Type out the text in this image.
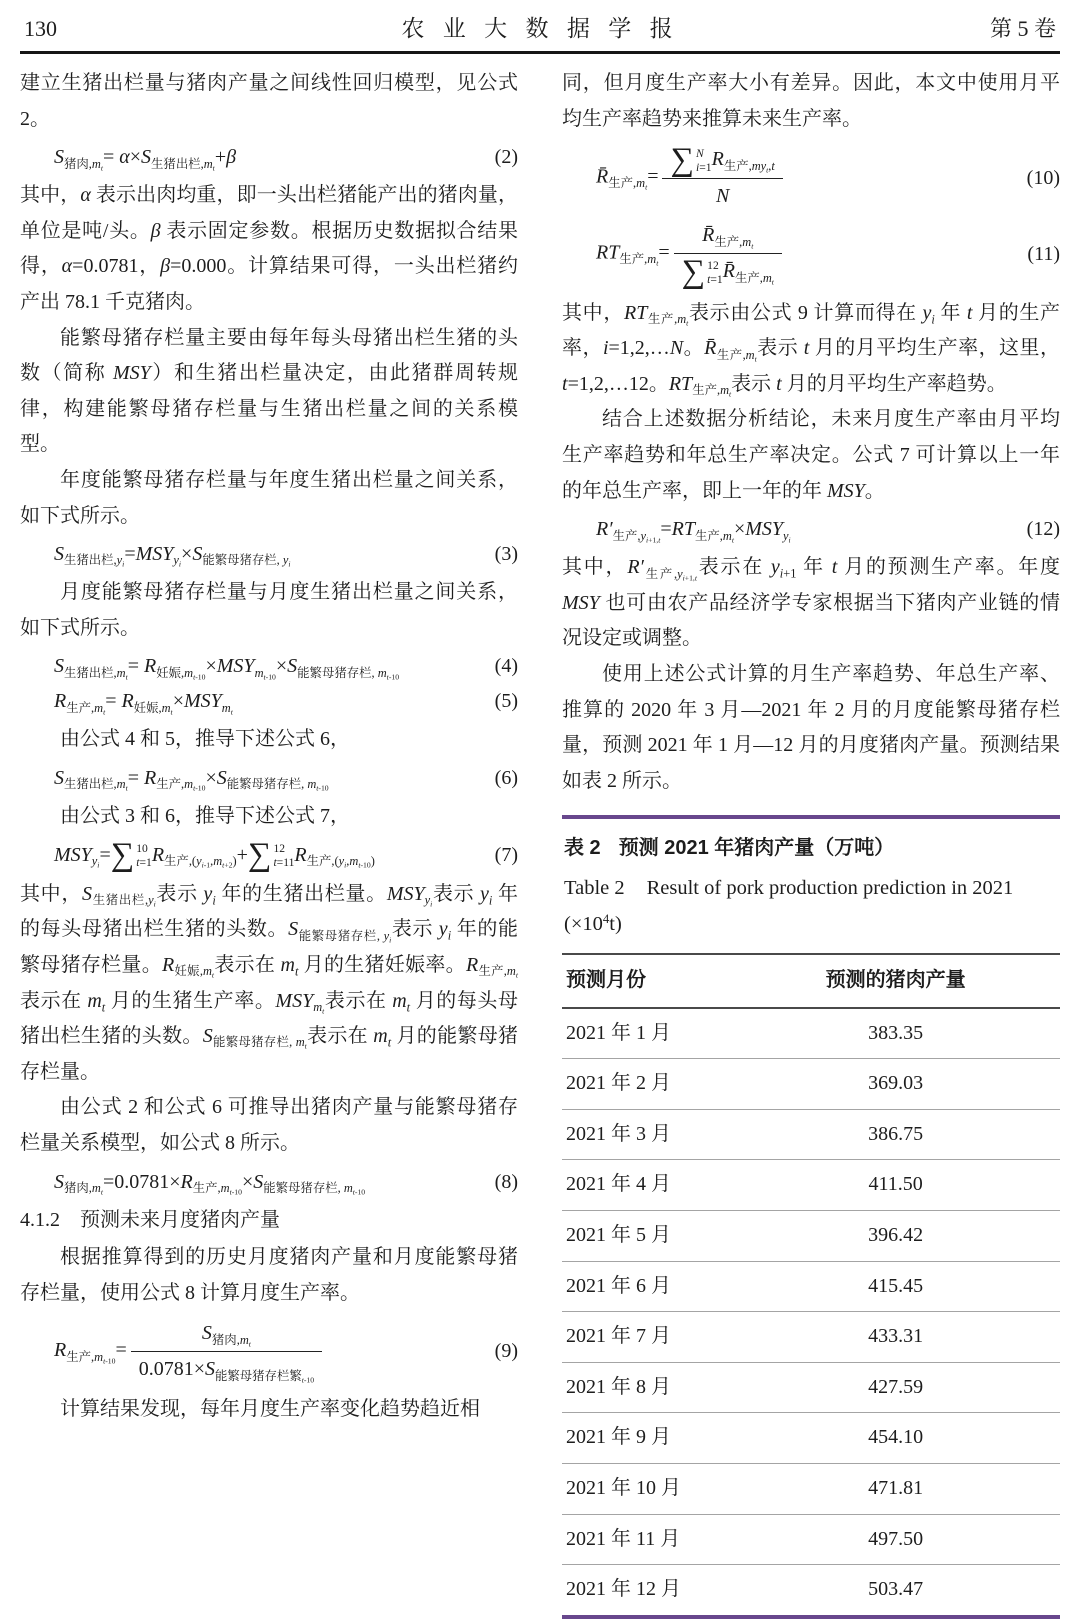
130	农 业 大 数 据 学 报	第 5 卷
建立生猪出栏量与猪肉产量之间线性回归模型，见公式 2。
$S_{猪肉,m_t}= \alpha\times S_{生猪出栏,m_t}+\beta$	(2)
其中，α 表示出肉均重，即一头出栏猪能产出的猪肉量，单位是吨/头。β 表示固定参数。根据历史数据拟合结果得，α=0.0781，β=0.000。计算结果可得，一头出栏猪约产出 78.1 千克猪肉。
能繁母猪存栏量主要由每年每头母猪出栏生猪的头数（简称 MSY）和生猪出栏量决定，由此猪群周转规律，构建能繁母猪存栏量与生猪出栏量之间的关系模型。
年度能繁母猪存栏量与年度生猪出栏量之间关系，如下式所示。
$S_{生猪出栏,y_i}=MSY_{y_i}\times S_{能繁母猪存栏, y_i}$	(3)
月度能繁母猪存栏量与月度生猪出栏量之间关系，如下式所示。
$S_{生猪出栏,m_t}= R_{妊娠,m_{t-10}}\times MSY_{m_{t-10}}\times S_{能繁母猪存栏, m_{t-10}}$	(4)
$R_{生产,m_t}= R_{妊娠,m_t}\times MSY_{m_t}$	(5)
由公式 4 和 5，推导下述公式 6，
$S_{生猪出栏,m_t}= R_{生产,m_{t-10}}\times S_{能繁母猪存栏, m_{t-10}}$	(6)
由公式 3 和 6，推导下述公式 7，
$MSY_{y_i}=$ ∑ 10
t=1 $R_{生产,(y_{i-1},m_{t+2})}+$ ∑ 12
t=11 $R_{生产,(y_i,m_{t-10})}$	(7)
其中，$S_{生猪出栏,y_i}$表示 $y_i$ 年的生猪出栏量。$MSY_{y_i}$表示 $y_i$ 年的每头母猪出栏生猪的头数。$S_{能繁母猪存栏, y_i}$表示 $y_i$ 年的能繁母猪存栏量。$R_{妊娠,m_t}$表示在 $m_t$ 月的生猪妊娠率。$R_{生产,m_t}$表示在 $m_t$ 月的生猪生产率。$MSY_{m_t}$表示在 $m_t$ 月的每头母猪出栏生猪的头数。$S_{能繁母猪存栏, m_t}$表示在 $m_t$ 月的能繁母猪存栏量。
由公式 2 和公式 6 可推导出猪肉产量与能繁母猪存栏量关系模型，如公式 8 所示。
$S_{猪肉,m_t}=0.0781\times R_{生产,m_{t-10}}\times S_{能繁母猪存栏, m_{t-10}}$	(8)
4.1.2　预测未来月度猪肉产量
根据推算得到的历史月度猪肉产量和月度能繁母猪存栏量，使用公式 8 计算月度生产率。
$R_{生产,m_{t-10}}=$
$S_{猪肉,m_t}$
$0.0781\times S_{能繁母猪存栏繁_{t-10}}$
(9)
计算结果发现，每年月度生产率变化趋势趋近相
同，但月度生产率大小有差异。因此，本文中使用月平均生产率趋势来推算未来生产率。
$R̄_{生产,m_t}=$ ∑ N
i=1 $R_{生产,my_t,t}$
N
(10)
$RT_{生产,m_t}=$
$R̄_{生产,m_t}$
∑ 12
t=1 $R̄_{生产,m_t}$
(11)
其中，$RT_{生产,m_t}$表示由公式 9 计算而得在 $y_i$ 年 t 月的生产率，i=1,2,…N。$R̄_{生产,m_t}$表示 t 月的月平均生产率，这里，t=1,2,…12。$RT_{生产,m_t}$表示 t 月的月平均生产率趋势。
结合上述数据分析结论，未来月度生产率由月平均生产率趋势和年总生产率决定。公式 7 可计算以上一年的年总生产率，即上一年的年 MSY。
$R'_{生产,y_{i+1,t}}=RT_{生产,m_t}\times MSY_{y_i}$	(12)
其中，$R'_{生产,y_{i+1,t}}$表示在 $y_{i+1}$ 年 t 月的预测生产率。年度 MSY 也可由农产品经济学专家根据当下猪肉产业链的情况设定或调整。
使用上述公式计算的月生产率趋势、年总生产率、推算的 2020 年 3 月—2021 年 2 月的月度能繁母猪存栏量，预测 2021 年 1 月—12 月的月度猪肉产量。预测结果如表 2 所示。
表 2 预测 2021 年猪肉产量（万吨）
Table 2 Result of pork production prediction in 2021 $(\times 10^4t)$
预测月份	预测的猪肉产量
2021 年 1 月	383.35
2021 年 2 月	369.03
2021 年 3 月	386.75
2021 年 4 月	411.50
2021 年 5 月	396.42
2021 年 6 月	415.45
2021 年 7 月	433.31
2021 年 8 月	427.59
2021 年 9 月	454.10
2021 年 10 月	471.81
2021 年 11 月	497.50
2021 年 12 月	503.47
